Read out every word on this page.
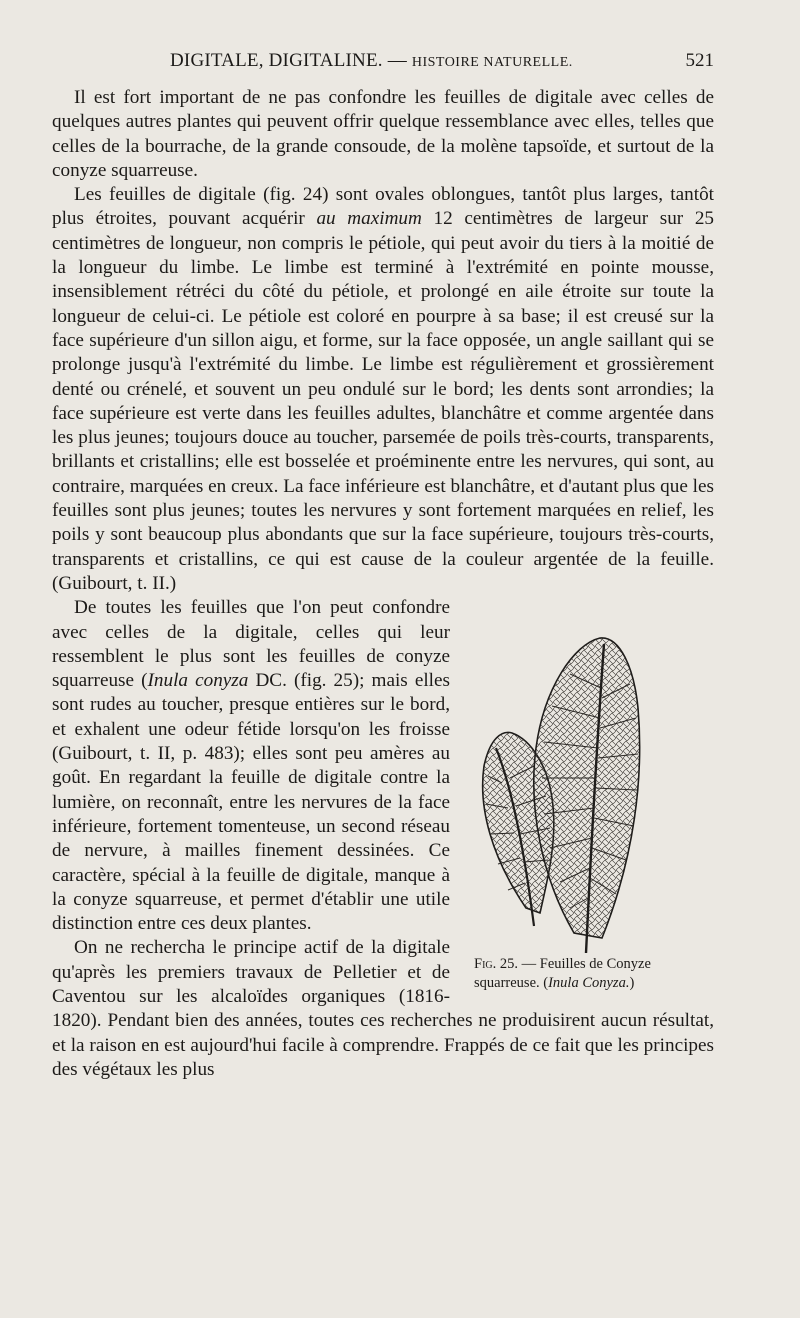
DIGITALE, DIGITALINE. — HISTOIRE NATURELLE.	521

Il est fort important de ne pas confondre les feuilles de digitale avec celles de quelques autres plantes qui peuvent offrir quelque ressemblance avec elles, telles que celles de la bourrache, de la grande consoude, de la molène tapsoïde, et surtout de la conyze squarreuse.

Les feuilles de digitale (fig. 24) sont ovales oblongues, tantôt plus larges, tantôt plus étroites, pouvant acquérir au maximum 12 centimètres de largeur sur 25 centimètres de longueur, non compris le pétiole, qui peut avoir du tiers à la moitié de la longueur du limbe. Le limbe est terminé à l'extrémité en pointe mousse, insensiblement rétréci du côté du pétiole, et prolongé en aile étroite sur toute la longueur de celui-ci. Le pétiole est coloré en pourpre à sa base; il est creusé sur la face supérieure d'un sillon aigu, et forme, sur la face opposée, un angle saillant qui se prolonge jusqu'à l'extrémité du limbe. Le limbe est régulièrement et grossièrement denté ou crénelé, et souvent un peu ondulé sur le bord; les dents sont arrondies; la face supérieure est verte dans les feuilles adultes, blanchâtre et comme argentée dans les plus jeunes; toujours douce au toucher, parsemée de poils très-courts, transparents, brillants et cristallins; elle est bosselée et proéminente entre les nervures, qui sont, au contraire, marquées en creux. La face inférieure est blanchâtre, et d'autant plus que les feuilles sont plus jeunes; toutes les nervures y sont fortement marquées en relief, les poils y sont beaucoup plus abondants que sur la face supérieure, toujours très-courts, transparents et cristallins, ce qui est cause de la couleur argentée de la feuille. (Guibourt, t. II.)

Fig. 25. — Feuilles de Conyze squarreuse. (Inula Conyza.)

De toutes les feuilles que l'on peut confondre avec celles de la digitale, celles qui leur ressemblent le plus sont les feuilles de conyze squarreuse (Inula conyza DC. (fig. 25); mais elles sont rudes au toucher, presque entières sur le bord, et exhalent une odeur fétide lorsqu'on les froisse (Guibourt, t. II, p. 483); elles sont peu amères au goût. En regardant la feuille de digitale contre la lumière, on reconnaît, entre les nervures de la face inférieure, fortement tomenteuse, un second réseau de nervure, à mailles finement dessinées. Ce caractère, spécial à la feuille de digitale, manque à la conyze squarreuse, et permet d'établir une utile distinction entre ces deux plantes.

On ne rechercha le principe actif de la digitale qu'après les premiers travaux de Pelletier et de Caventou sur les alcaloïdes organiques (1816-1820). Pendant bien des années, toutes ces recherches ne produisirent aucun résultat, et la raison en est aujourd'hui facile à comprendre. Frappés de ce fait que les principes des végétaux les plus
